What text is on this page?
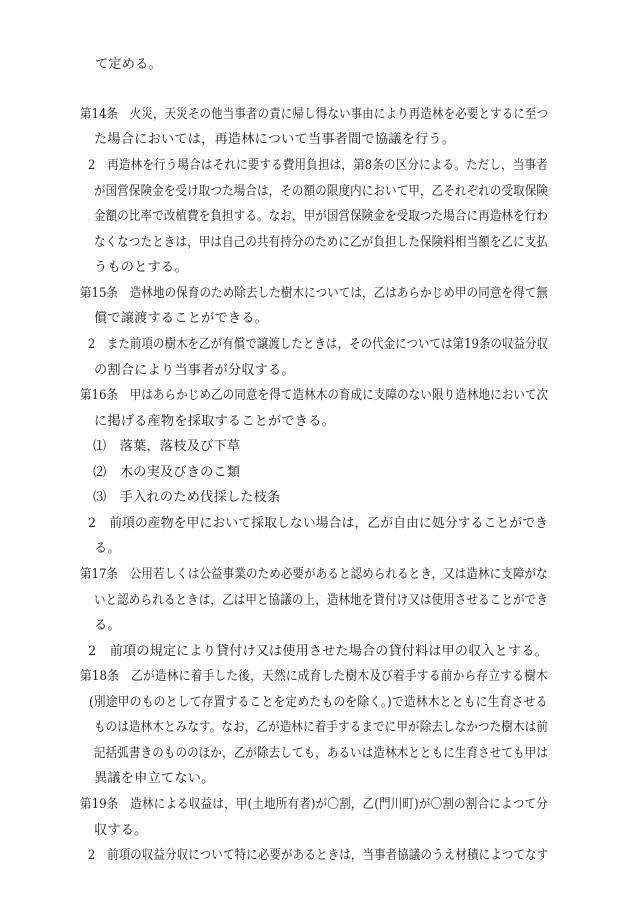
て定める。
第14条　火災，天災その他当事者の責に帰し得ない事由により再造林を必要とするに至つ
た場合においては，再造林について当事者間で協議を行う。
2　再造林を行う場合はそれに要する費用負担は，第8条の区分による。ただし，当事者
が国営保険金を受け取つた場合は，その額の限度内において甲，乙それぞれの受取保険
金額の比率で改植費を負担する。なお，甲が国営保険金を受取つた場合に再造林を行わ
なくなつたときは，甲は自己の共有持分のために乙が負担した保険料相当額を乙に支払
うものとする。
第15条　造林地の保育のため除去した樹木については，乙はあらかじめ甲の同意を得て無
償で譲渡することができる。
2　また前項の樹木を乙が有償で譲渡したときは，その代金については第19条の収益分収
の割合により当事者が分収する。
第16条　甲はあらかじめ乙の同意を得て造林木の育成に支障のない限り造林地において次
に掲げる産物を採取することができる。
⑴　落葉，落枝及び下草
⑵　木の実及びきのこ類
⑶　手入れのため伐採した枝条
2　前項の産物を甲において採取しない場合は，乙が自由に処分することができ
る。
第17条　公用若しくは公益事業のため必要があると認められるとき，又は造林に支障がな
いと認められるときは，乙は甲と協議の上，造林地を貸付け又は使用させることができ
る。
2　前項の規定により貸付け又は使用させた場合の貸付料は甲の収入とする。
第18条　乙が造林に着手した後，天然に成育した樹木及び着手する前から存立する樹木
(別途甲のものとして存置することを定めたものを除く。)で造林木とともに生育させる
ものは造林木とみなす。なお，乙が造林に着手するまでに甲が除去しなかつた樹木は前
記括弧書きのもののほか，乙が除去しても，あるいは造林木とともに生育させても甲は
異議を申立てない。
第19条　造林による収益は，甲(土地所有者)が〇割，乙(門川町)が〇割の割合によつて分
収する。
2　前項の収益分収について特に必要があるときは，当事者協議のうえ材積によつてなす
